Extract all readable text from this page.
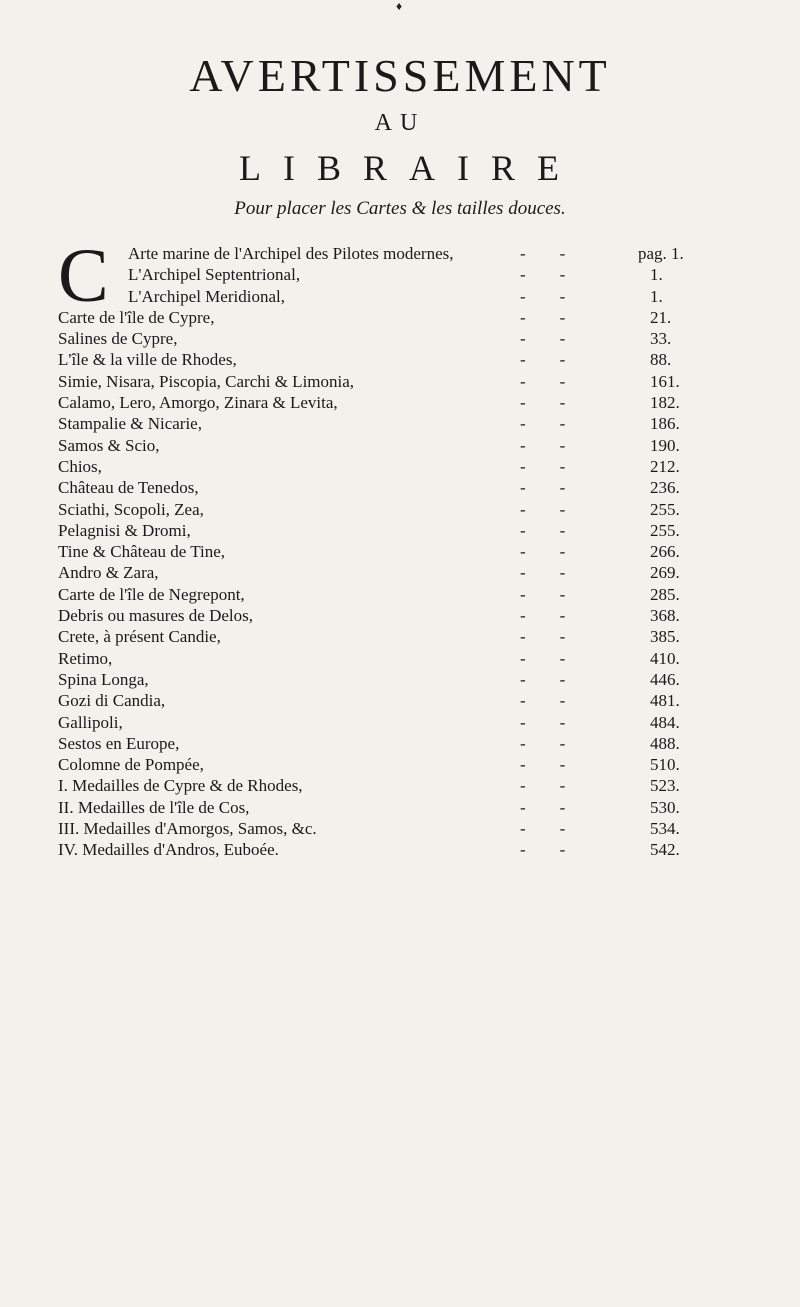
♦
AVERTISSEMENT
AU
LIBRAIRE
Pour placer les Cartes & les tailles douces.
C Arte marine de l'Archipel des Pilotes modernes,	-  -	pag. 1.
L'Archipel Septentrional,	-  -	1.
L'Archipel Meridional,	-  -	1.
Carte de l'île de Cypre,	-  -	21.
Salines de Cypre,	-  -	33.
L'île & la ville de Rhodes,	-  -	88.
Simie, Nisara, Piscopia, Carchi & Limonia,	-  -	161.
Calamo, Lero, Amorgo, Zinara & Levita,	-  -	182.
Stampalie & Nicarie,	-  -	186.
Samos & Scio,	-  -	190.
Chios,	-  -	212.
Château de Tenedos,	-  -	236.
Sciathi, Scopoli, Zea,	-  -	255.
Pelagnisi & Dromi,	-  -	255.
Tine & Château de Tine,	-  -	266.
Andro & Zara,	-  -	269.
Carte de l'île de Negrepont,	-  -	285.
Debris ou masures de Delos,	-  -	368.
Crete, à présent Candie,	-  -	385.
Retimo,	-  -	410.
Spina Longa,	-  -	446.
Gozi di Candia,	-  -	481.
Gallipoli,	-  -	484.
Sestos en Europe,	-  -	488.
Colomne de Pompée,	-  -	510.
I. Medailles de Cypre & de Rhodes,	-  -	523.
II. Medailles de l'île de Cos,	-  -	530.
III. Medailles d'Amorgos, Samos, &c.	-  -	534.
IV. Medailles d'Andros, Euboée.	-  -	542.
